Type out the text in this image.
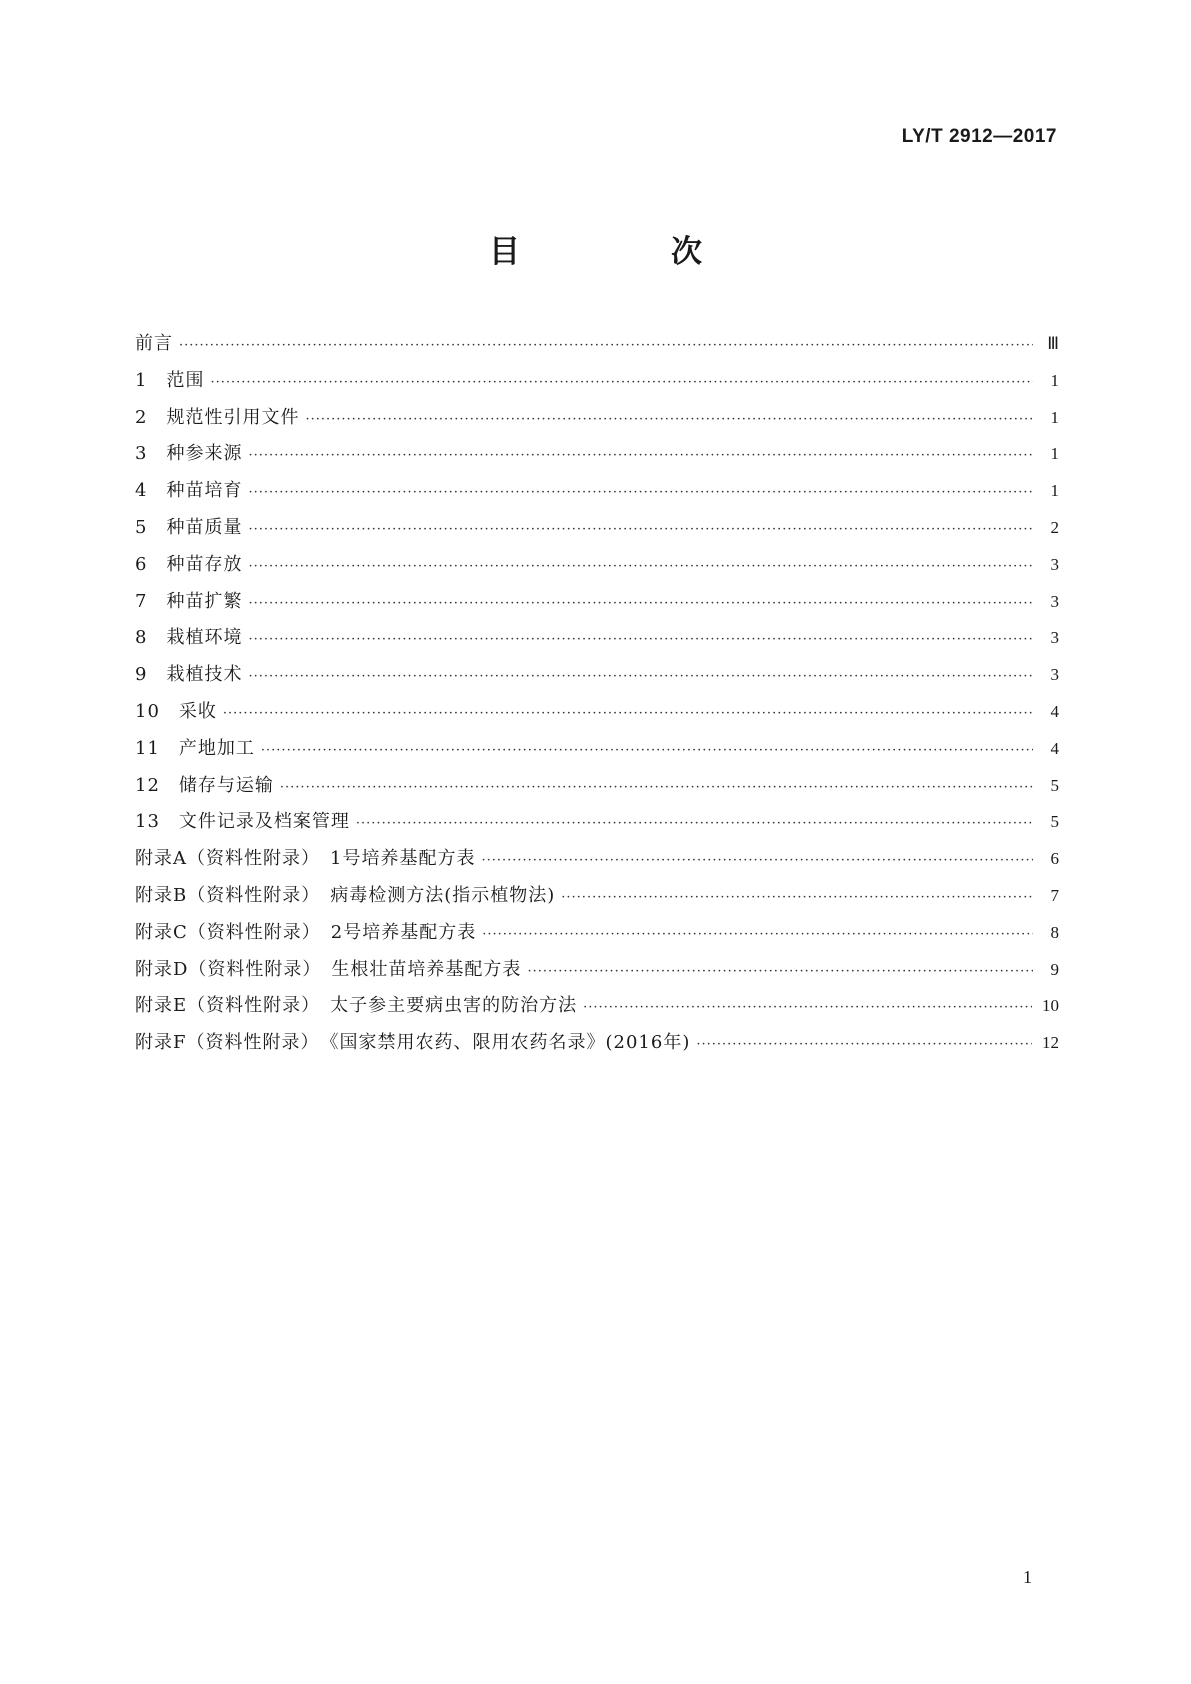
LY/T 2912—2017
目　次
前言 ·····	Ⅲ
1　范围 ·····	1
2　规范性引用文件 ·····	1
3　种参来源 ·····	1
4　种苗培育 ·····	1
5　种苗质量 ·····	2
6　种苗存放 ·····	3
7　种苗扩繁 ·····	3
8　栽植环境 ·····	3
9　栽植技术 ·····	3
10　采收 ·····	4
11　产地加工 ·····	4
12　储存与运输 ·····	5
13　文件记录及档案管理 ·····	5
附录A（资料性附录）　1号培养基配方表 ·····	6
附录B（资料性附录）　病毒检测方法(指示植物法) ·····	7
附录C（资料性附录）　2号培养基配方表 ·····	8
附录D（资料性附录）　生根壮苗培养基配方表 ·····	9
附录E（资料性附录）　太子参主要病虫害的防治方法 ·····	10
附录F（资料性附录）　《国家禁用农药、限用农药名录》(2016年) ·····	12
1
